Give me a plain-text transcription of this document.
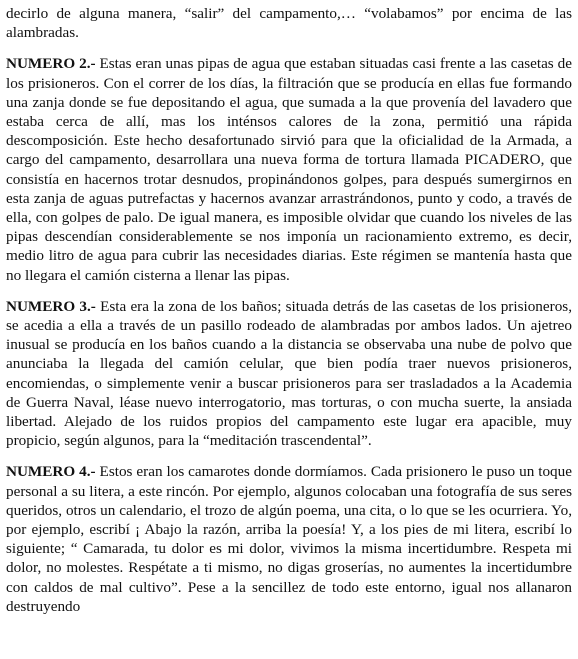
decirlo de alguna manera, “salir” del campamento,… “volabamos” por encima de las alambradas.

NUMERO 2.- Estas eran unas pipas de agua que estaban situadas casi frente a las casetas de los prisioneros. Con el correr de los días, la filtración que se producía en ellas fue formando una zanja donde se fue depositando el agua, que sumada a la que provenía del lavadero que estaba cerca de allí, mas los inténsos calores de la zona, permitió una rápida descomposición. Este hecho desafortunado sirvió para que la oficialidad de la Armada, a cargo del campamento, desarrollara una nueva forma de tortura llamada PICADERO, que consistía en hacernos trotar desnudos, propinándonos golpes, para después sumergirnos en esta zanja de aguas putrefactas y hacernos avanzar arrastrándonos, punto y codo, a través de ella, con golpes de palo. De igual manera, es imposible olvidar que cuando los niveles de las pipas descendían considerablemente se nos imponía un racionamiento extremo, es decir, medio litro de agua para cubrir las necesidades diarias. Este régimen se mantenía hasta que no llegara el camión cisterna a llenar las pipas.

NUMERO 3.- Esta era la zona de los baños; situada detrás de las casetas de los prisioneros, se acedia a ella a través de un pasillo rodeado de alambradas por ambos lados. Un ajetreo inusual se producía en los baños cuando a la distancia se observaba una nube de polvo que anunciaba la llegada del camión celular, que bien podía traer nuevos prisioneros, encomiendas, o simplemente venir a buscar prisioneros para ser trasladados a la Academia de Guerra Naval, léase nuevo interrogatorio, mas torturas, o con mucha suerte, la ansiada libertad. Alejado de los ruidos propios del campamento este lugar era apacible, muy propicio, según algunos, para la “meditación trascendental”.

NUMERO 4.- Estos eran los camarotes donde dormíamos. Cada prisionero le puso un toque personal a su litera, a este rincón. Por ejemplo, algunos colocaban una fotografía de sus seres queridos, otros un calendario, el trozo de algún poema, una cita, o lo que se les ocurriera. Yo, por ejemplo, escribí ¡ Abajo la razón, arriba la poesía! Y, a los pies de mi litera, escribí lo siguiente; “ Camarada, tu dolor es mi dolor, vivimos la misma incertidumbre. Respeta mi dolor, no molestes. Respétate a ti mismo, no digas groserías, no aumentes la incertidumbre con caldos de mal cultivo”. Pese a la sencillez de todo este entorno, igual nos allanaron destruyendo
